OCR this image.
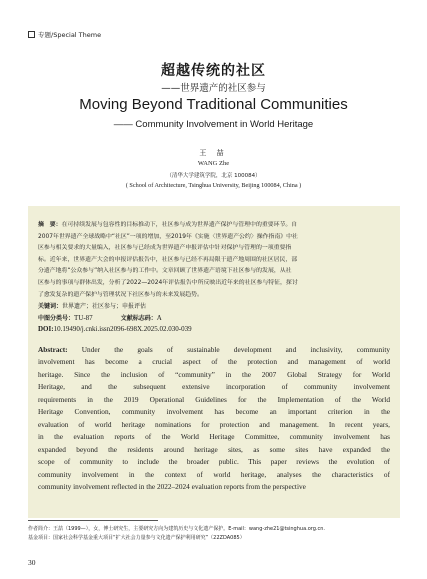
专题/Special Theme
超越传统的社区
——世界遗产的社区参与
Moving Beyond Traditional Communities
—— Community Involvement in World Heritage
王 喆
WANG Zhe
（清华大学建筑学院，北京 100084）
( School of Architecture, Tsinghua University, Beijing 100084, China )
摘　要：在可持续发展与包容性的目标推动下，社区参与成为世界遗产保护与管理中的重要环节。自
2007年世界遗产全球战略中“社区”一项的增加，至2019年《实施〈世界遗产公约〉操作指南》中社
区参与相关要求的大量编入，社区参与已经成为世界遗产申报评估中针对保护与管理的一项重要指
标。近年来，世界遗产大会的申报评估报告中，社区参与已经不再局限于遗产地周围的社区居民，部
分遗产地将“公众参与”纳入社区参与的工作中。文章回顾了世界遗产语境下社区参与的发展，从社
区参与的事项与群体出发，分析了2022—2024年评估报告中所反映出近年来的社区参与特征，探讨
了愈发复杂的遗产保护与管理状况下社区参与的未来发展趋势。
关键词：世界遗产；社区参与；申报评估
中图分类号：TU-87	文献标志码：A
DOI:10.19490/j.cnki.issn2096-698X.2025.02.030-039
Abstract: Under the goals of sustainable development and inclusivity, community
involvement has become a crucial aspect of the protection and management of world
heritage. Since the inclusion of “community” in the 2007 Global Strategy for World
Heritage, and the subsequent extensive incorporation of community involvement
requirements in the 2019 Operational Guidelines for the Implementation of the World
Heritage Convention, community involvement has become an important criterion in the
evaluation of world heritage nominations for protection and management. In recent years,
in the evaluation reports of the World Heritage Committee, community involvement has
expanded beyond the residents around heritage sites, as some sites have expanded the
scope of community to include the broader public. This paper reviews the evolution of
community involvement in the context of world heritage, analyses the characteristics of
community involvement reflected in the 2022–2024 evaluation reports from the perspective
作者简介：王喆（1999—），女，博士研究生，主要研究方向为建筑历史与文化遗产保护。E-mail：wang-zhe21@tsinghua.org.cn.
基金项目：国家社会科学基金重大项目“扩大社会力量参与文化遗产保护利用研究”（22ZDA085）
30
